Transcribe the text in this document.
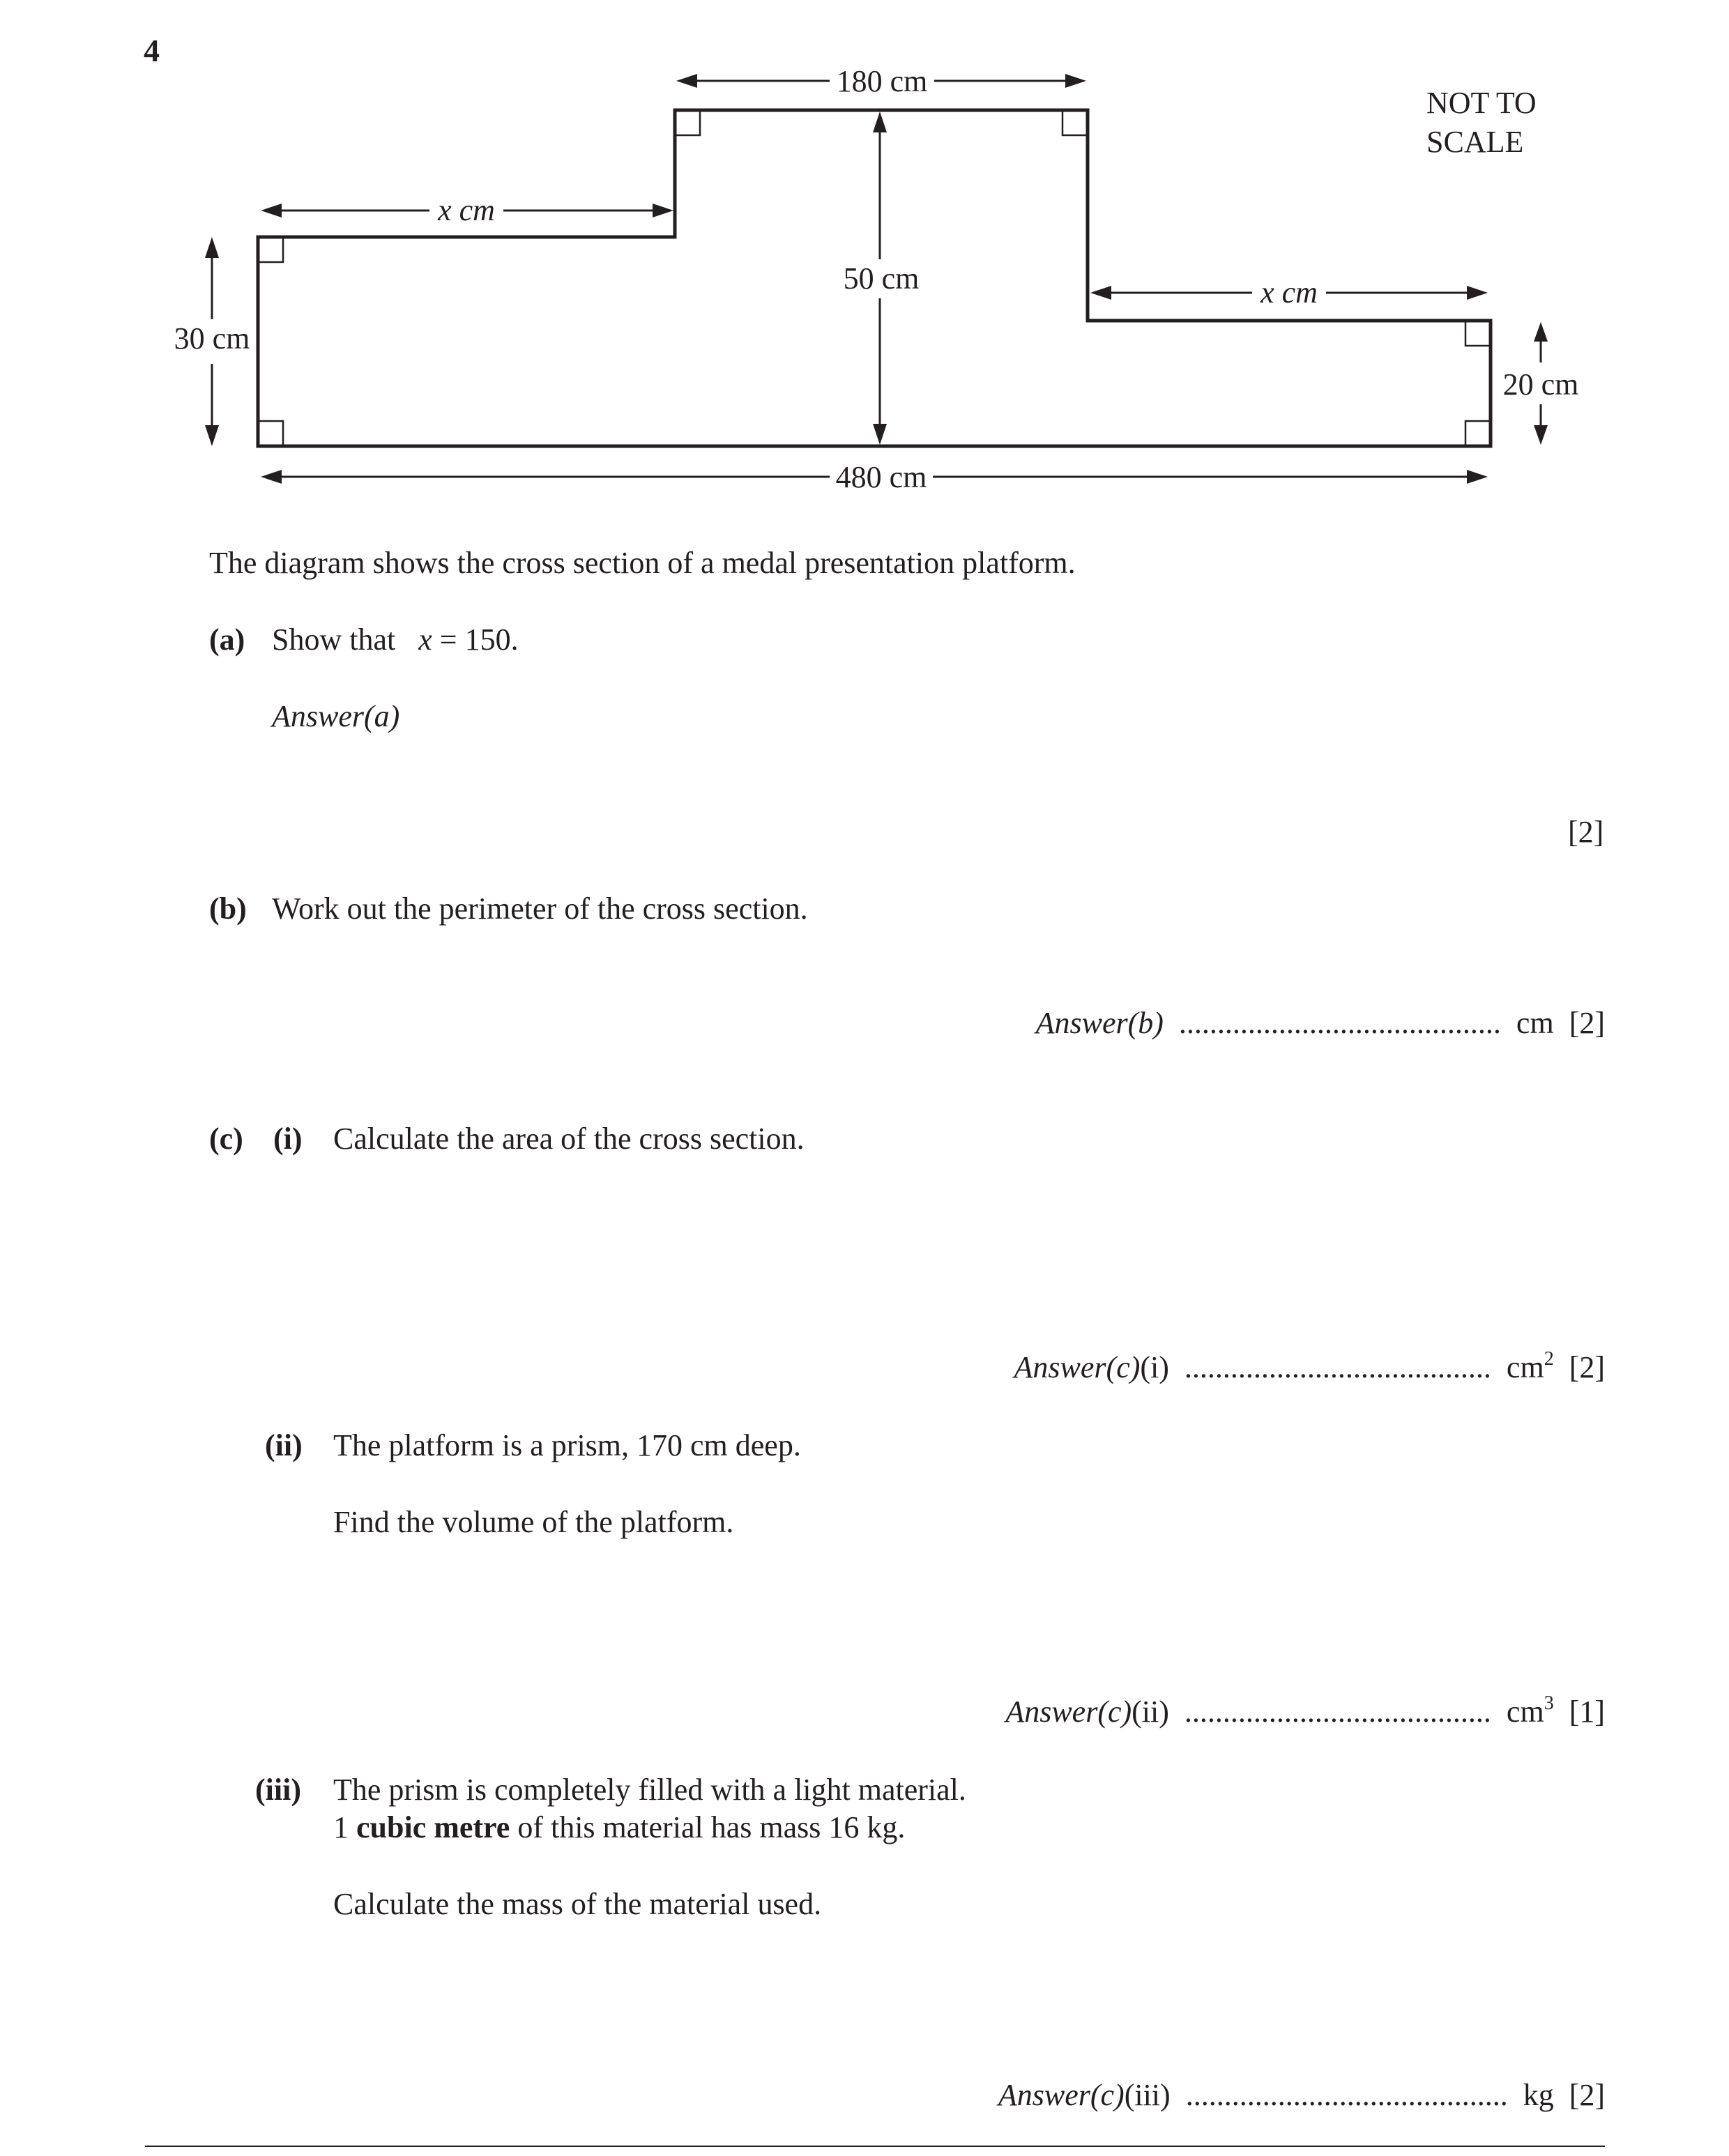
4
NOT TO
SCALE
180 cm
x cm
50 cm	x cm
30 cm
20 cm
480 cm
The diagram shows the cross section of a medal presentation platform.
(a) Show that x = 150.
Answer(a)
[2]
(b) Work out the perimeter of the cross section.
Answer(b) .......................................... cm [2]
(c) (i) Calculate the area of the cross section.
Answer(c)(i) ........................................ $cm^2$ [2]
(ii) The platform is a prism, 170 cm deep.
Find the volume of the platform.
Answer(c)(ii) ........................................ $cm^3$ [1]
(iii) The prism is completely filled with a light material.
1 cubic metre of this material has mass 16 kg.
Calculate the mass of the material used.
Answer(c)(iii) .......................................... kg [2]
